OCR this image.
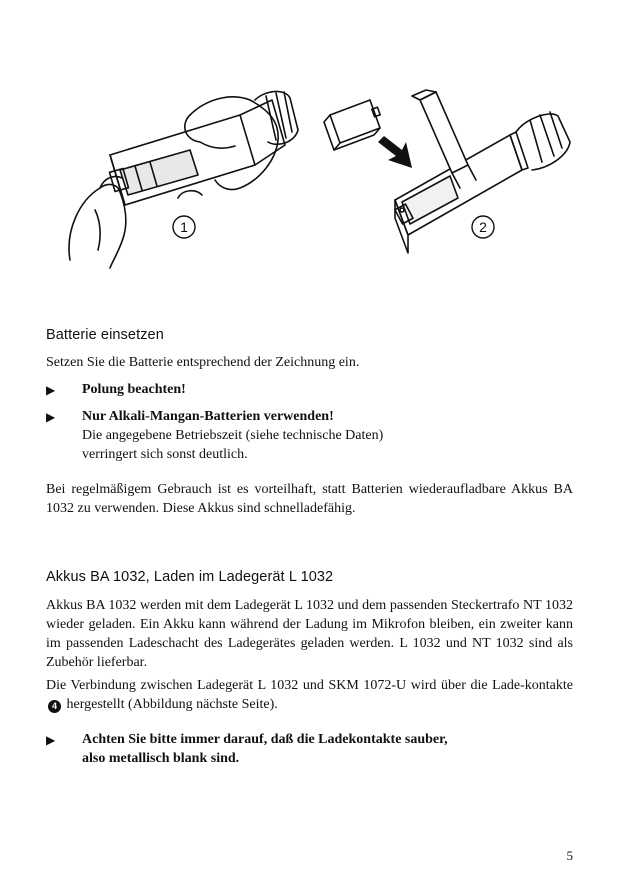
1	2
Batterie einsetzen
Setzen Sie die Batterie entsprechend der Zeichnung ein.
▶ Polung beachten!
▶ Nur Alkali-Mangan-Batterien verwenden!
Die angegebene Betriebszeit (siehe technische Daten)
verringert sich sonst deutlich.
Bei regelmäßigem Gebrauch ist es vorteilhaft, statt Batterien wiederaufladbare Akkus BA 1032 zu verwenden. Diese Akkus sind schnelladefähig.
Akkus BA 1032, Laden im Ladegerät L 1032
Akkus BA 1032 werden mit dem Ladegerät L 1032 und dem passenden Steckertrafo NT 1032 wieder geladen. Ein Akku kann während der Ladung im Mikrofon bleiben, ein zweiter kann im passenden Ladeschacht des Ladegerätes geladen werden. L 1032 und NT 1032 sind als Zubehör lieferbar.
Die Verbindung zwischen Ladegerät L 1032 und SKM 1072-U wird über die Lade-kontakte 4 hergestellt (Abbildung nächste Seite).
▶ Achten Sie bitte immer darauf, daß die Ladekontakte sauber,
also metallisch blank sind.
5
